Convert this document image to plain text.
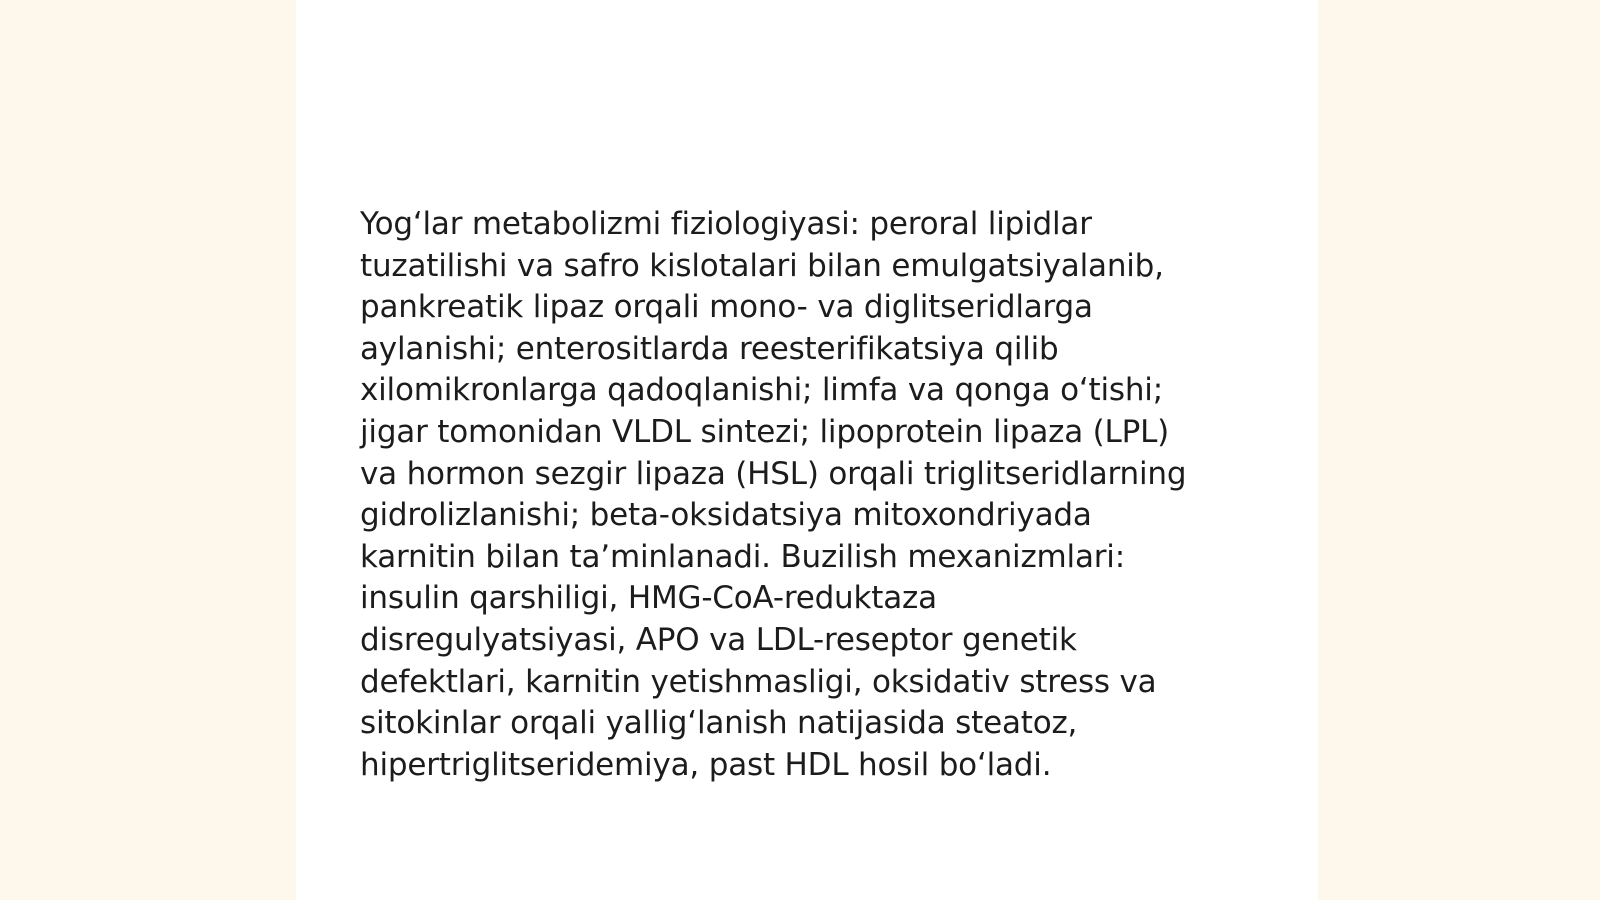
Yog‘lar metabolizmi fiziologiyasi: peroral lipidlar
tuzatilishi va safro kislotalari bilan emulgatsiyalanib,
pankreatik lipaz orqali mono- va diglitseridlarga
aylanishi; enterositlarda reesterifikatsiya qilib
xilomikronlarga qadoqlanishi; limfa va qonga o‘tishi;
jigar tomonidan VLDL sintezi; lipoprotein lipaza (LPL)
va hormon sezgir lipaza (HSL) orqali triglitseridlarning
gidrolizlanishi; beta-oksidatsiya mitoxondriyada
karnitin bilan ta’minlanadi. Buzilish mexanizmlari:
insulin qarshiligi, HMG-CoA-reduktaza
disregulyatsiyasi, APO va LDL-reseptor genetik
defektlari, karnitin yetishmasligi, oksidativ stress va
sitokinlar orqali yallig‘lanish natijasida steatoz,
hipertriglitseridemiya, past HDL hosil bo‘ladi.
